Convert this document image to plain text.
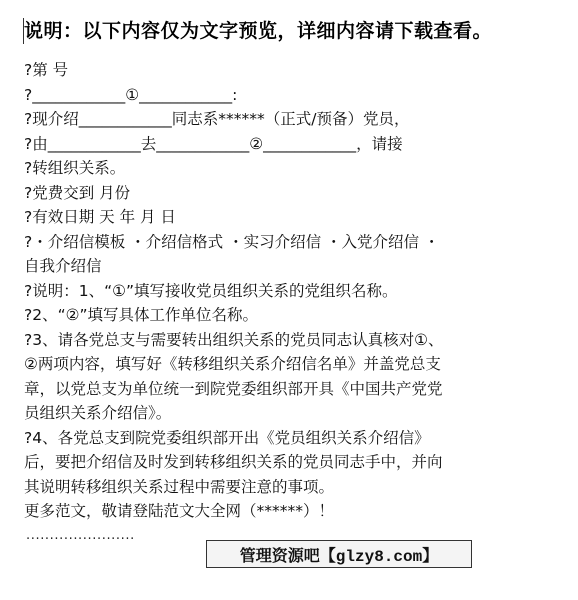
说明：以下内容仅为文字预览，详细内容请下载查看。
?第 号
?____________①____________:
?现介绍____________同志系******（正式/预备）党员，
?由____________去____________②____________，请接
?转组织关系。
?党费交到 月份
?有效日期 天 年 月 日
?・介绍信模板 ・介绍信格式 ・实习介绍信 ・入党介绍信 ・
自我介绍信
?说明：1、“①”填写接收党员组织关系的党组织名称。
?2、“②”填写具体工作单位名称。
?3、请各党总支与需要转出组织关系的党员同志认真核对①、
②两项内容，填写好《转移组织关系介绍信名单》并盖党总支
章，以党总支为单位统一到院党委组织部开具《中国共产党党
员组织关系介绍信》。
?4、各党总支到院党委组织部开出《党员组织关系介绍信》
后，要把介绍信及时发到转移组织关系的党员同志手中，并向
其说明转移组织关系过程中需要注意的事项。
更多范文，敬请登陆范文大全网（******）！
·······················
管理资源吧【glzy8.com】
